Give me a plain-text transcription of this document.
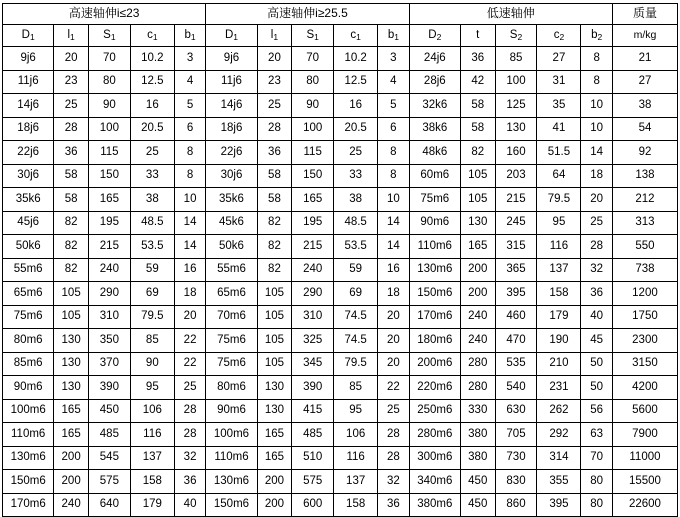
高速轴伸i≤23					高速轴伸i≥25.5					低速轴伸					质量
$D_1$	$l_1$	$S_1$	$c_1$	$b_1$	$D_1$	$l_1$	$S_1$	$c_1$	$b_1$	$D_2$	t	$S_2$	$c_2$	$b_2$	m/kg
9j6	20	70	10.2	3	9j6	20	70	10.2	3	24j6	36	85	27	8	21
11j6	23	80	12.5	4	11j6	23	80	12.5	4	28j6	42	100	31	8	27
14j6	25	90	16	5	14j6	25	90	16	5	32k6	58	125	35	10	38
18j6	28	100	20.5	6	18j6	28	100	20.5	6	38k6	58	130	41	10	54
22j6	36	115	25	8	22j6	36	115	25	8	48k6	82	160	51.5	14	92
30j6	58	150	33	8	30j6	58	150	33	8	60m6	105	203	64	18	138
35k6	58	165	38	10	35k6	58	165	38	10	75m6	105	215	79.5	20	212
45j6	82	195	48.5	14	45k6	82	195	48.5	14	90m6	130	245	95	25	313
50k6	82	215	53.5	14	50k6	82	215	53.5	14	110m6	165	315	116	28	550
55m6	82	240	59	16	55m6	82	240	59	16	130m6	200	365	137	32	738
65m6	105	290	69	18	65m6	105	290	69	18	150m6	200	395	158	36	1200
75m6	105	310	79.5	20	70m6	105	310	74.5	20	170m6	240	460	179	40	1750
80m6	130	350	85	22	75m6	105	325	74.5	20	180m6	240	470	190	45	2300
85m6	130	370	90	22	75m6	105	345	79.5	20	200m6	280	535	210	50	3150
90m6	130	390	95	25	80m6	130	390	85	22	220m6	280	540	231	50	4200
100m6	165	450	106	28	90m6	130	415	95	25	250m6	330	630	262	56	5600
110m6	165	485	116	28	100m6	165	485	106	28	280m6	380	705	292	63	7900
130m6	200	545	137	32	110m6	165	510	116	28	300m6	380	730	314	70	11000
150m6	200	575	158	36	130m6	200	575	137	32	340m6	450	830	355	80	15500
170m6	240	640	179	40	150m6	200	600	158	36	380m6	450	860	395	80	22600
